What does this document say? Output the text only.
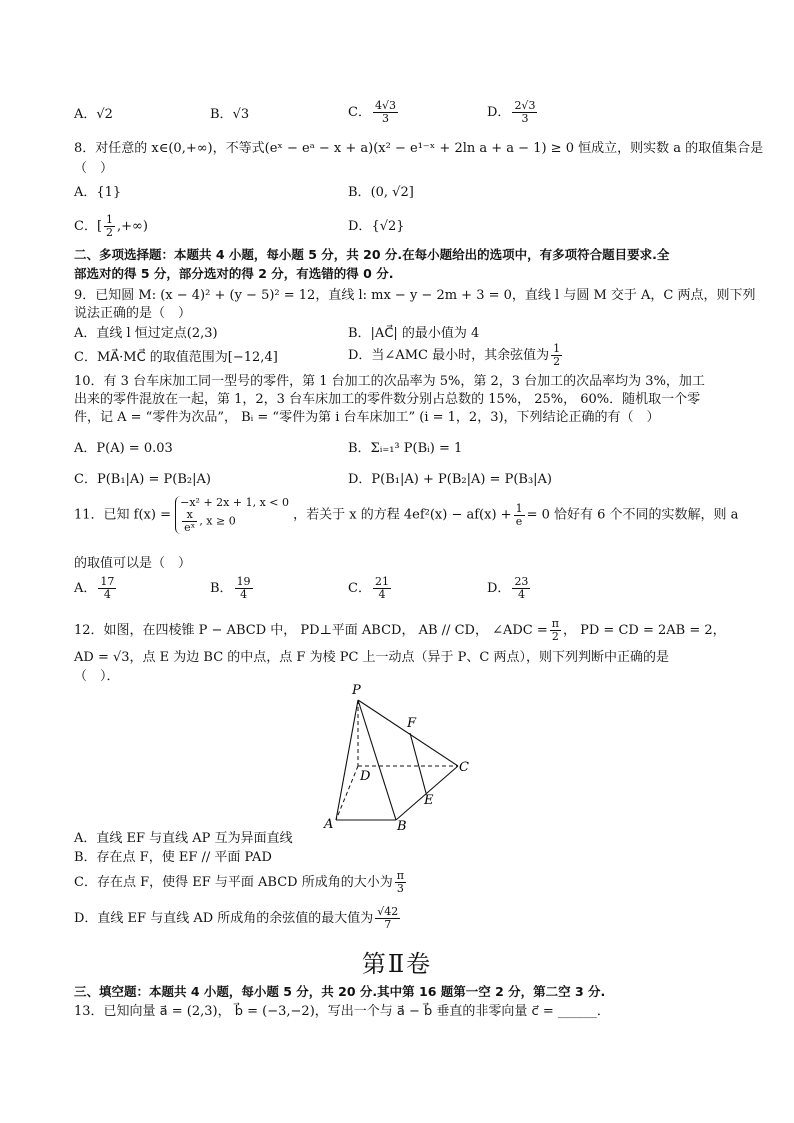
A．√2	B．√3	C． $\frac{4√3}{3}$	D． $\frac{2√3}{3}$
8．对任意的 x∈(0,+∞)，不等式(eˣ − eᵃ − x + a)(x² − e¹⁻ˣ + 2ln a + a − 1) ≥ 0 恒成立，则实数 a 的取值集合是
（　）
A．{1}	B．(0, √2]
C．[ $\frac{1}{2}$ ,+∞)	D．{√2}
二、多项选择题：本题共 4 小题，每小题 5 分，共 20 分.在每小题给出的选项中，有多项符合题目要求.全
部选对的得 5 分，部分选对的得 2 分，有选错的得 0 分.
9．已知圆 M: (x − 4)² + (y − 5)² = 12，直线 l: mx − y − 2m + 3 = 0，直线 l 与圆 M 交于 A，C 两点，则下列
说法正确的是（　）
A．直线 l 恒过定点(2,3)	B．|AC⃗| 的最小值为 4
C．MA⃗·MC⃗ 的取值范围为[−12,4]	D．当∠AMC 最小时，其余弦值为 $\frac{1}{2}$
10．有 3 台车床加工同一型号的零件，第 1 台加工的次品率为 5%，第 2，3 台加工的次品率均为 3%，加工
出来的零件混放在一起，第 1，2，3 台车床加工的零件数分别占总数的 15%， 25%， 60%．随机取一个零
件，记 A = “零件为次品”， Bᵢ = “零件为第 i 台车床加工” (i = 1，2，3)，下列结论正确的有（　）
A．P(A) = 0.03	B．Σᵢ₌₁³ P(Bᵢ) = 1
C．P(B₁|A) = P(B₂|A)	D．P(B₁|A) + P(B₂|A) = P(B₃|A)
11．已知 f(x) =
−x² + 2x + 1, x < 0
$\frac{x}{\text{eˣ}}$ , x ≥ 0	，若关于 x 的方程 $4ef^2(x) - af(x) + \frac{1}{e} = 0$ 恰好有 6 个不同的实数解，则 a
的取值可以是（　）
A． $\frac{17}{4}$	B． $\frac{19}{4}$	C． $\frac{21}{4}$	D． $\frac{23}{4}$
12．如图，在四棱锥 P − ABCD 中， PD⊥平面 ABCD， AB // CD， ∠ADC = $\frac{\pi}{2}$ ， PD = CD = 2AB = 2，
AD = √3，点 E 为边 BC 的中点，点 F 为棱 PC 上一动点（异于 P、C 两点），则下列判断中正确的是
（　）．
P
F
D
C
E
A	B
A．直线 EF 与直线 AP 互为异面直线
B．存在点 F，使 EF // 平面 PAD
C．存在点 F，使得 EF 与平面 ABCD 所成角的大小为 $\frac{\pi}{3}$
D．直线 EF 与直线 AD 所成角的余弦值的最大值为 $\frac{√42}{7}$
第Ⅱ卷
三、填空题：本题共 4 小题，每小题 5 分，共 20 分.其中第 16 题第一空 2 分，第二空 3 分.
13．已知向量 a⃗ = (2,3)， b⃗ = (−3,−2)，写出一个与 a⃗ − b⃗ 垂直的非零向量 c⃗ = ______．
